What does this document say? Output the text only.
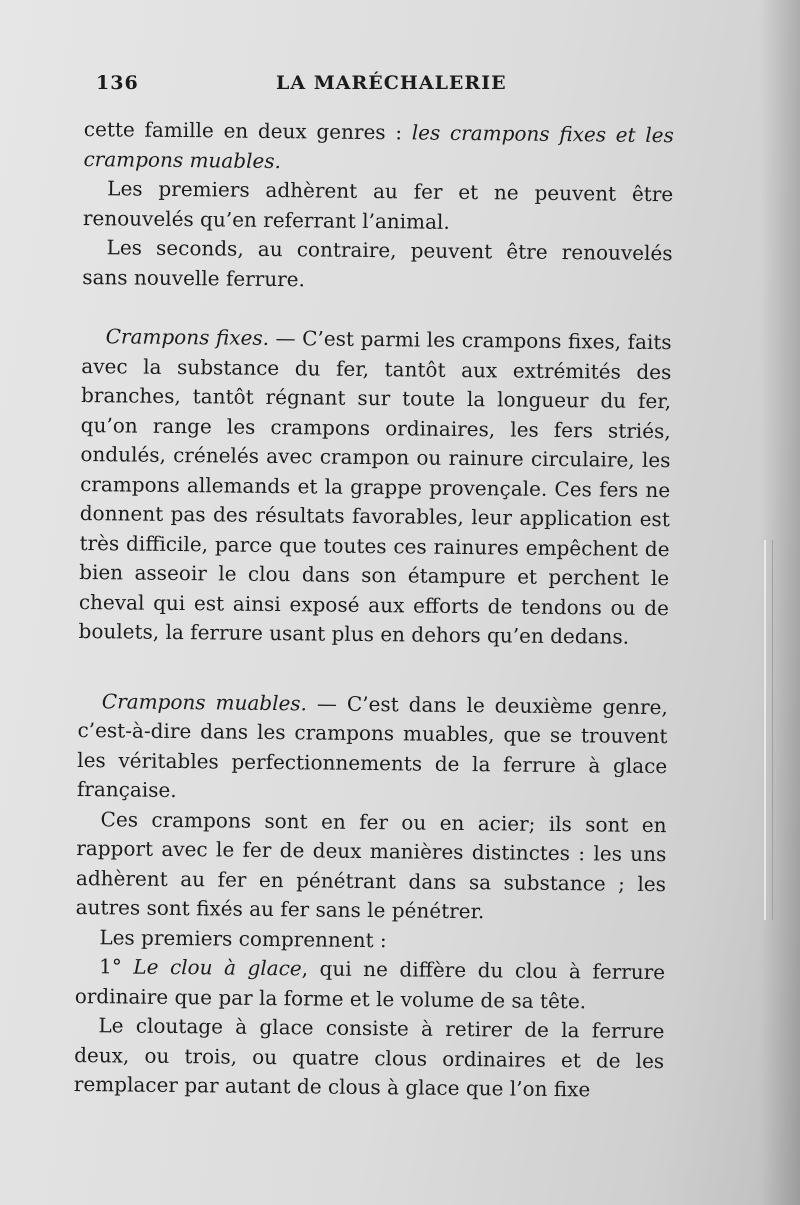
136	LA MARÉCHALERIE

cette famille en deux genres : les crampons fixes et les crampons muables.

Les premiers adhèrent au fer et ne peuvent être renouvelés qu’en referrant l’animal.

Les seconds, au contraire, peuvent être renouvelés sans nouvelle ferrure.

Crampons fixes. — C’est parmi les crampons fixes, faits avec la substance du fer, tantôt aux extrémités des branches, tantôt régnant sur toute la longueur du fer, qu’on range les crampons ordinaires, les fers striés, ondulés, crénelés avec crampon ou rainure circulaire, les crampons allemands et la grappe provençale. Ces fers ne donnent pas des résultats favorables, leur application est très difficile, parce que toutes ces rainures empêchent de bien asseoir le clou dans son étampure et perchent le cheval qui est ainsi exposé aux efforts de tendons ou de boulets, la ferrure usant plus en dehors qu’en dedans.

Crampons muables. — C’est dans le deuxième genre, c’est-à-dire dans les crampons muables, que se trouvent les véritables perfectionnements de la ferrure à glace française.

Ces crampons sont en fer ou en acier; ils sont en rapport avec le fer de deux manières distinctes : les uns adhèrent au fer en pénétrant dans sa substance ; les autres sont fixés au fer sans le pénétrer.

Les premiers comprennent :

1° Le clou à glace, qui ne diffère du clou à ferrure ordinaire que par la forme et le volume de sa tête.

Le cloutage à glace consiste à retirer de la ferrure deux, ou trois, ou quatre clous ordinaires et de les remplacer par autant de clous à glace que l’on fixe
